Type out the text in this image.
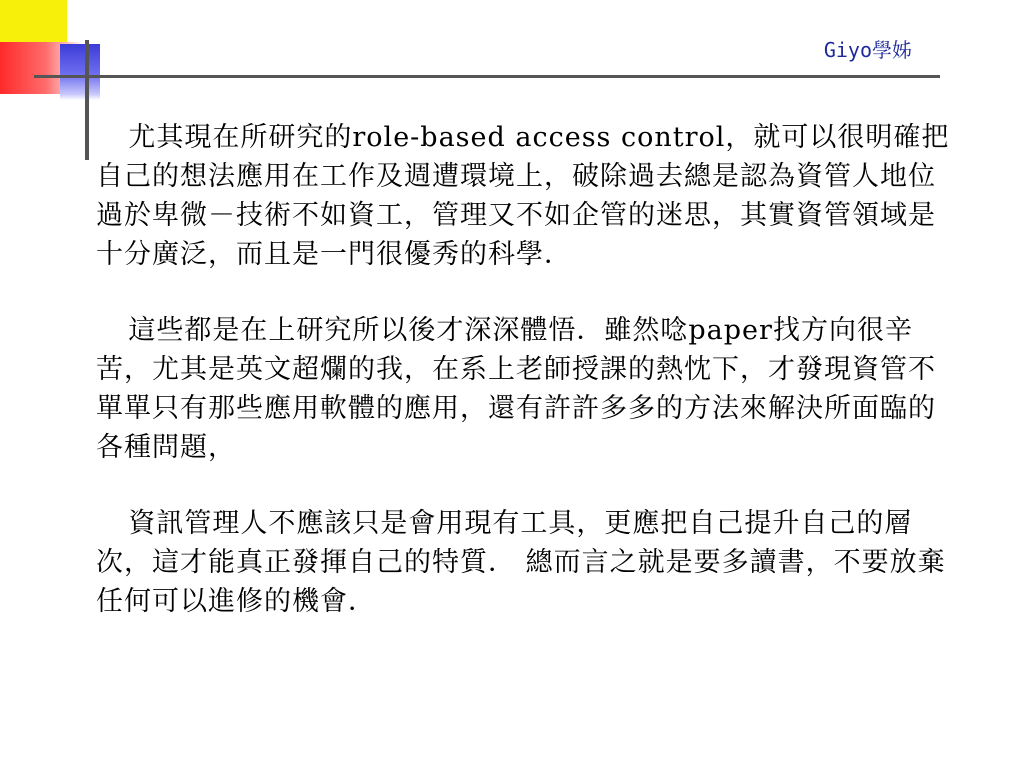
Giyo學姊

尤其現在所研究的role-based access control，就可以很明確把自己的想法應用在工作及週遭環境上，破除過去總是認為資管人地位過於卑微－技術不如資工，管理又不如企管的迷思，其實資管領域是十分廣泛，而且是一門很優秀的科學．

這些都是在上研究所以後才深深體悟．雖然唸paper找方向很辛苦，尤其是英文超爛的我，在系上老師授課的熱忱下，才發現資管不單單只有那些應用軟體的應用，還有許許多多的方法來解決所面臨的各種問題，

資訊管理人不應該只是會用現有工具，更應把自己提升自己的層次，這才能真正發揮自己的特質． 總而言之就是要多讀書，不要放棄任何可以進修的機會．
